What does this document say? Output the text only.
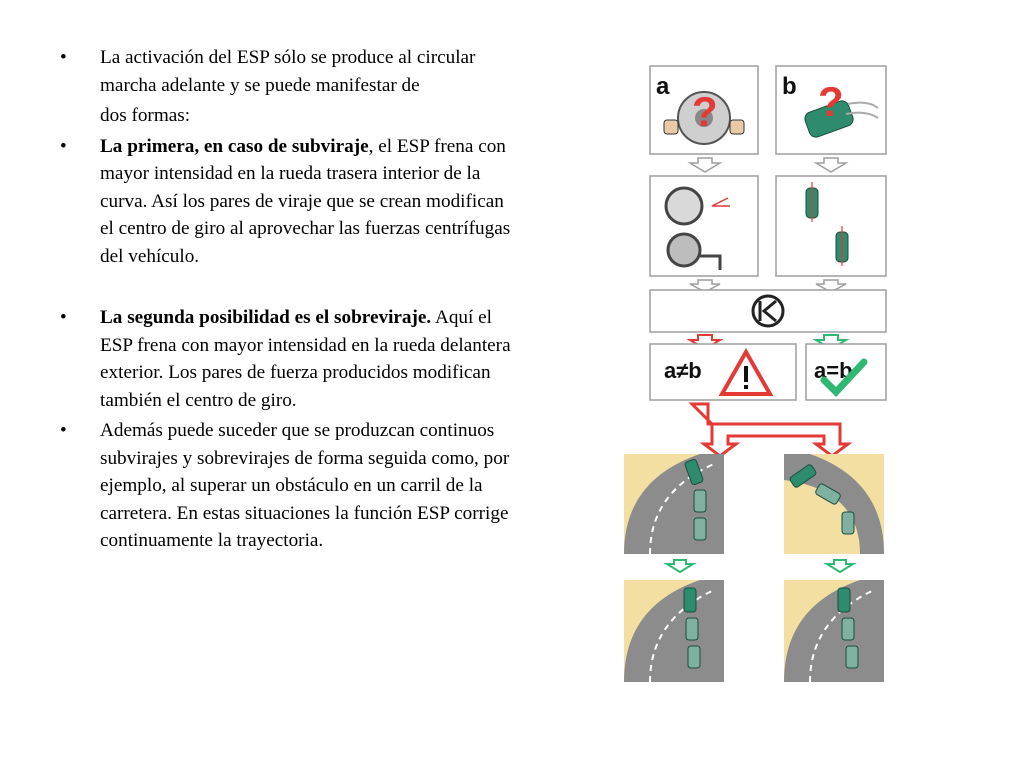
•	La activación del ESP sólo se produce al circular marcha adelante y se puede manifestar de
dos formas:
•	La primera, en caso de subviraje, el ESP frena con mayor intensidad en la rueda trasera interior de la curva. Así los pares de viraje que se crean modifican el centro de giro al aprovechar las fuerzas centrífugas del vehículo.
•	La segunda posibilidad es el sobreviraje. Aquí el ESP frena con mayor intensidad en la rueda delantera exterior. Los pares de fuerza producidos modifican también el centro de giro.
•	Además puede suceder que se produzcan continuos subvirajes y sobrevirajes de forma seguida como, por ejemplo, al superar un obstáculo en un carril de la carretera. En estas situaciones la función ESP corrige continuamente la trayectoria.
a
?
b ?
a≠b	a=b
